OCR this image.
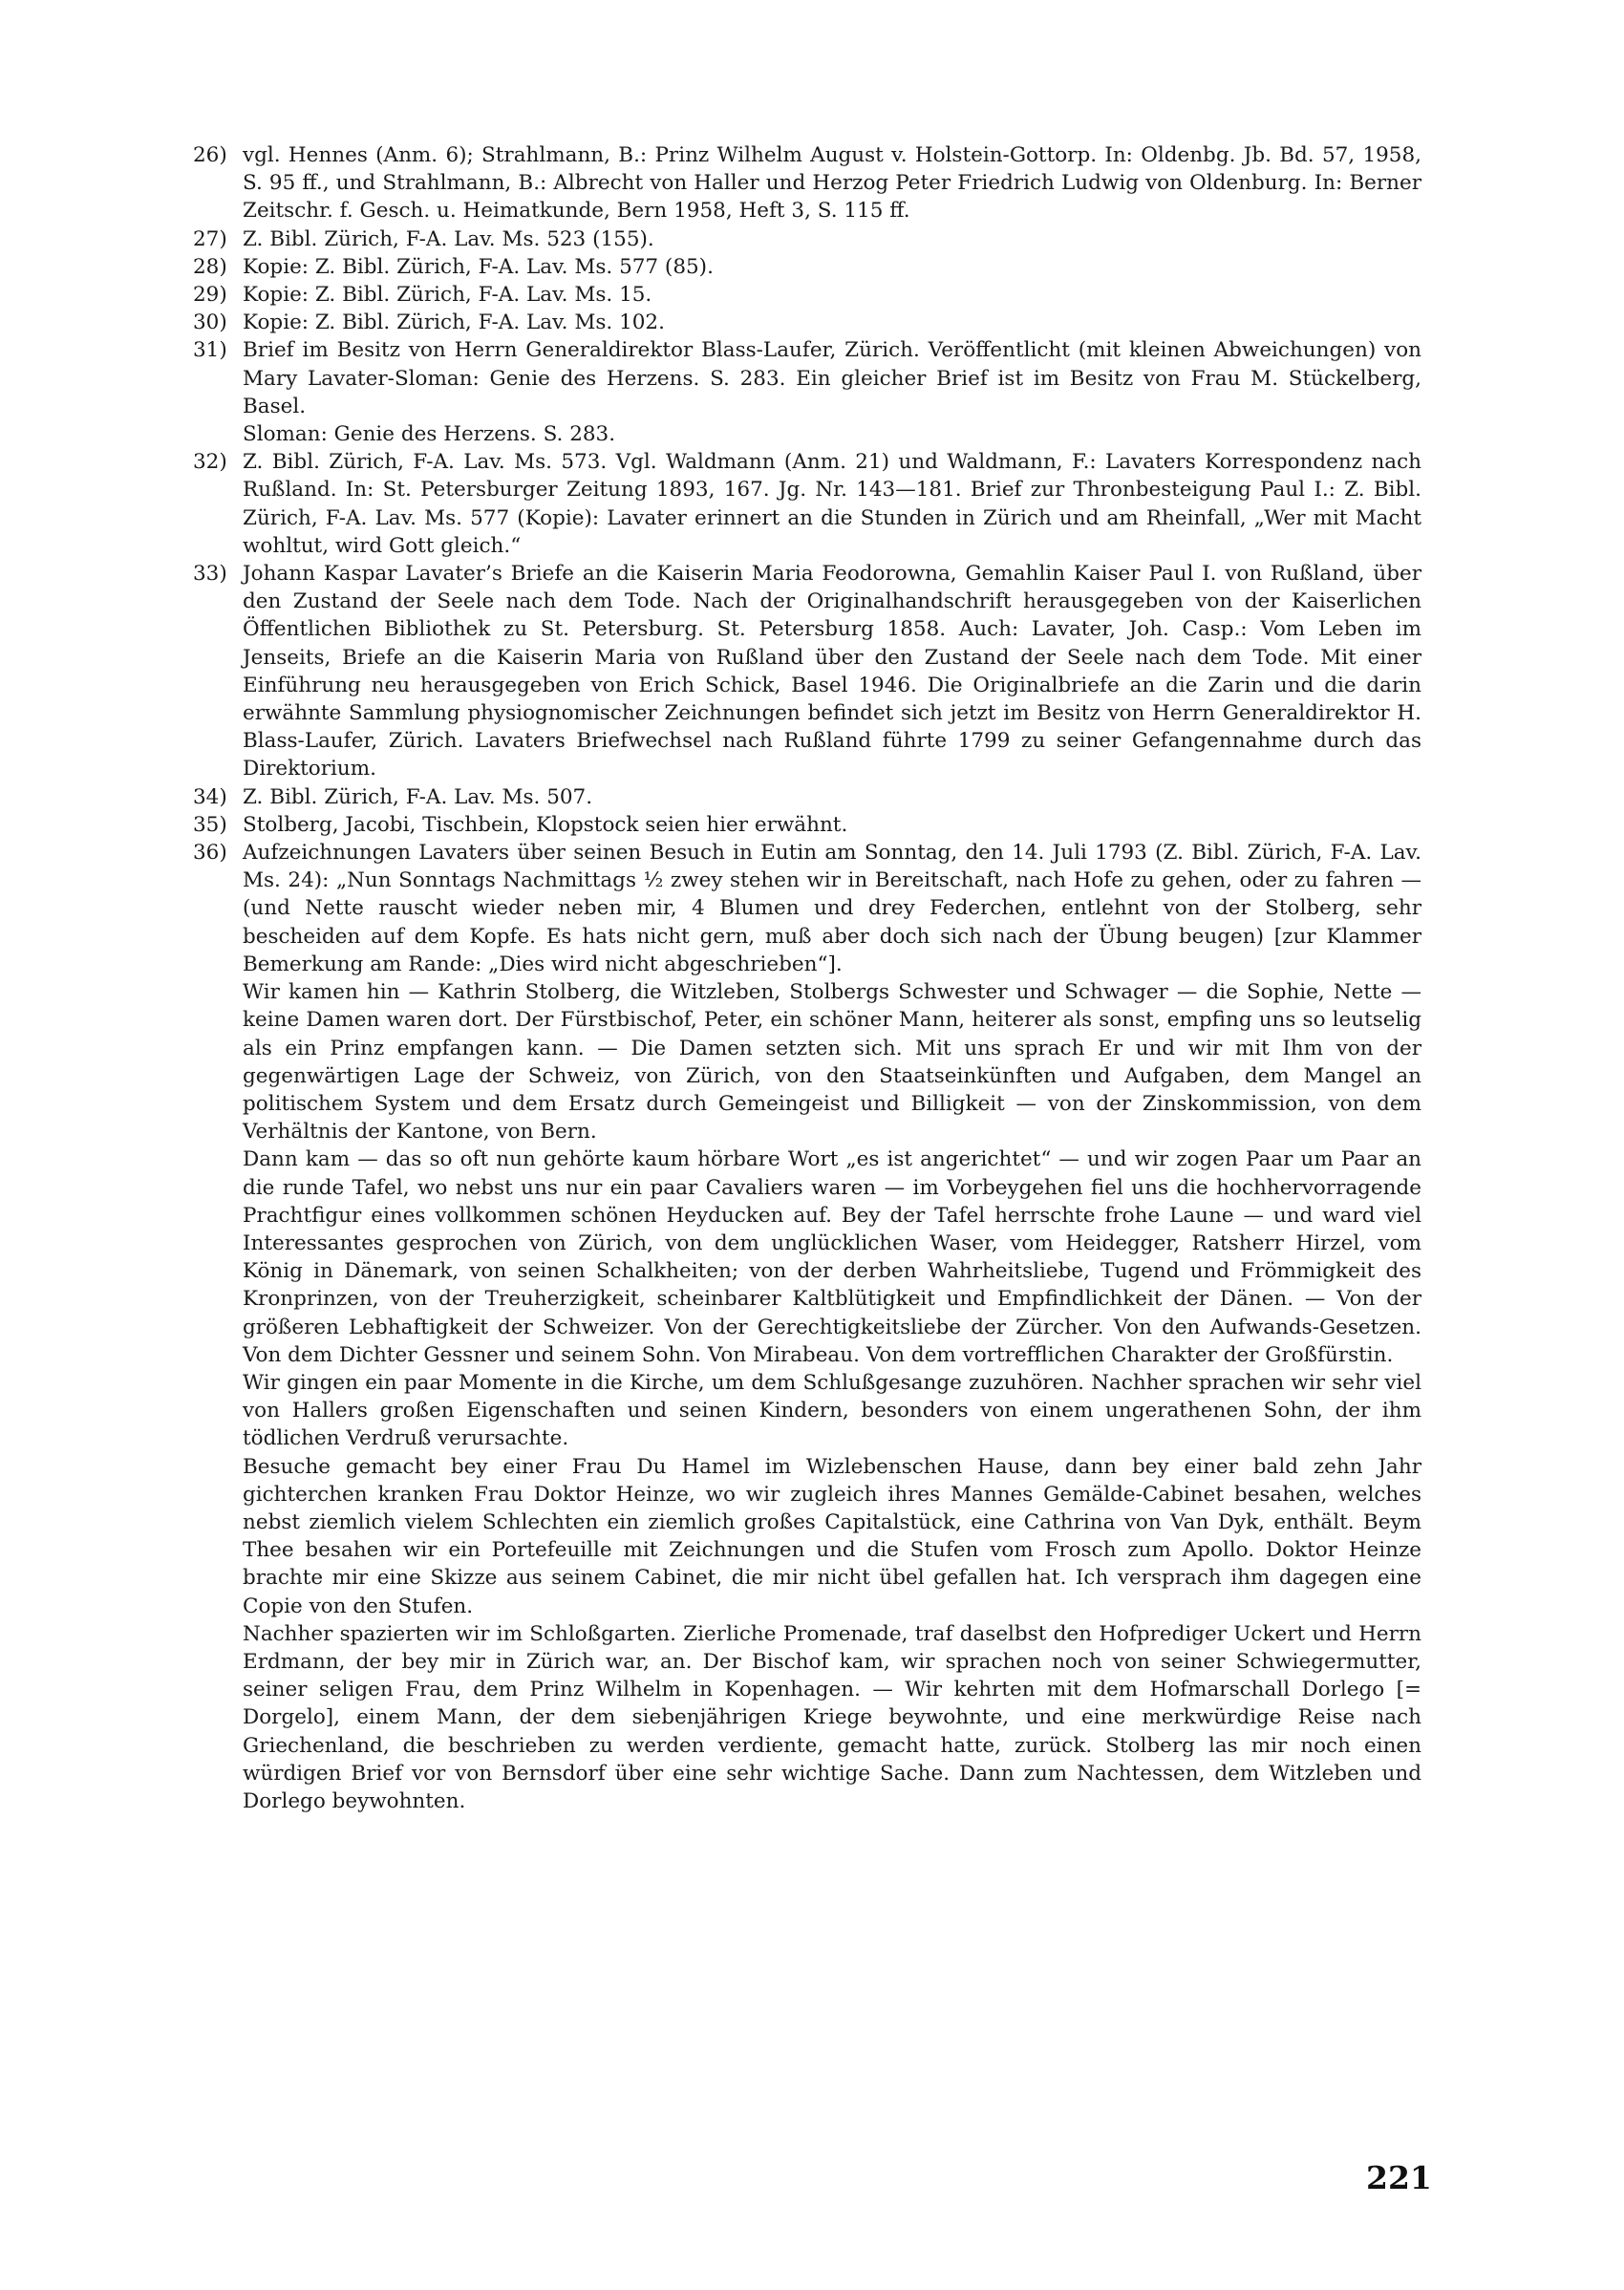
26) vgl. Hennes (Anm. 6); Strahlmann, B.: Prinz Wilhelm August v. Holstein-Gottorp. In: Oldenbg. Jb. Bd. 57, 1958, S. 95 ff., und Strahlmann, B.: Albrecht von Haller und Herzog Peter Friedrich Ludwig von Oldenburg. In: Berner Zeitschr. f. Gesch. u. Heimatkunde, Bern 1958, Heft 3, S. 115 ff.
27) Z. Bibl. Zürich, F-A. Lav. Ms. 523 (155).
28) Kopie: Z. Bibl. Zürich, F-A. Lav. Ms. 577 (85).
29) Kopie: Z. Bibl. Zürich, F-A. Lav. Ms. 15.
30) Kopie: Z. Bibl. Zürich, F-A. Lav. Ms. 102.
31) Brief im Besitz von Herrn Generaldirektor Blass-Laufer, Zürich. Veröffentlicht (mit kleinen Abweichungen) von Mary Lavater-Sloman: Genie des Herzens. S. 283. Ein gleicher Brief ist im Besitz von Frau M. Stückelberg, Basel.
Sloman: Genie des Herzens. S. 283.
32) Z. Bibl. Zürich, F-A. Lav. Ms. 573. Vgl. Waldmann (Anm. 21) und Waldmann, F.: Lavaters Korrespondenz nach Rußland. In: St. Petersburger Zeitung 1893, 167. Jg. Nr. 143—181. Brief zur Thronbesteigung Paul I.: Z. Bibl. Zürich, F-A. Lav. Ms. 577 (Kopie): Lavater erinnert an die Stunden in Zürich und am Rheinfall, „Wer mit Macht wohltut, wird Gott gleich.“
33) Johann Kaspar Lavater’s Briefe an die Kaiserin Maria Feodorowna, Gemahlin Kaiser Paul I. von Rußland, über den Zustand der Seele nach dem Tode. Nach der Originalhandschrift herausgegeben von der Kaiserlichen Öffentlichen Bibliothek zu St. Petersburg. St. Petersburg 1858. Auch: Lavater, Joh. Casp.: Vom Leben im Jenseits, Briefe an die Kaiserin Maria von Rußland über den Zustand der Seele nach dem Tode. Mit einer Einführung neu herausgegeben von Erich Schick, Basel 1946. Die Originalbriefe an die Zarin und die darin erwähnte Sammlung physiognomischer Zeichnungen befindet sich jetzt im Besitz von Herrn Generaldirektor H. Blass-Laufer, Zürich. Lavaters Briefwechsel nach Rußland führte 1799 zu seiner Gefangennahme durch das Direktorium.
34) Z. Bibl. Zürich, F-A. Lav. Ms. 507.
35) Stolberg, Jacobi, Tischbein, Klopstock seien hier erwähnt.
36) Aufzeichnungen Lavaters über seinen Besuch in Eutin am Sonntag, den 14. Juli 1793 (Z. Bibl. Zürich, F-A. Lav. Ms. 24): „Nun Sonntags Nachmittags ½ zwey stehen wir in Bereitschaft, nach Hofe zu gehen, oder zu fahren — (und Nette rauscht wieder neben mir, 4 Blumen und drey Federchen, entlehnt von der Stolberg, sehr bescheiden auf dem Kopfe. Es hats nicht gern, muß aber doch sich nach der Übung beugen) [zur Klammer Bemerkung am Rande: „Dies wird nicht abgeschrieben“].
Wir kamen hin — Kathrin Stolberg, die Witzleben, Stolbergs Schwester und Schwager — die Sophie, Nette — keine Damen waren dort. Der Fürstbischof, Peter, ein schöner Mann, heiterer als sonst, empfing uns so leutselig als ein Prinz empfangen kann. — Die Damen setzten sich. Mit uns sprach Er und wir mit Ihm von der gegenwärtigen Lage der Schweiz, von Zürich, von den Staatseinkünften und Aufgaben, dem Mangel an politischem System und dem Ersatz durch Gemeingeist und Billigkeit — von der Zinskommission, von dem Verhältnis der Kantone, von Bern.
Dann kam — das so oft nun gehörte kaum hörbare Wort „es ist angerichtet“ — und wir zogen Paar um Paar an die runde Tafel, wo nebst uns nur ein paar Cavaliers waren — im Vorbeygehen fiel uns die hochhervorragende Prachtfigur eines vollkommen schönen Heyducken auf. Bey der Tafel herrschte frohe Laune — und ward viel Interessantes gesprochen von Zürich, von dem unglücklichen Waser, vom Heidegger, Ratsherr Hirzel, vom König in Dänemark, von seinen Schalkheiten; von der derben Wahrheitsliebe, Tugend und Frömmigkeit des Kronprinzen, von der Treuherzigkeit, scheinbarer Kaltblütigkeit und Empfindlichkeit der Dänen. — Von der größeren Lebhaftigkeit der Schweizer. Von der Gerechtigkeitsliebe der Zürcher. Von den Aufwands-Gesetzen. Von dem Dichter Gessner und seinem Sohn. Von Mirabeau. Von dem vortrefflichen Charakter der Großfürstin.
Wir gingen ein paar Momente in die Kirche, um dem Schlußgesange zuzuhören. Nachher sprachen wir sehr viel von Hallers großen Eigenschaften und seinen Kindern, besonders von einem ungerathenen Sohn, der ihm tödlichen Verdruß verursachte.
Besuche gemacht bey einer Frau Du Hamel im Wizlebenschen Hause, dann bey einer bald zehn Jahr gichterchen kranken Frau Doktor Heinze, wo wir zugleich ihres Mannes Gemälde-Cabinet besahen, welches nebst ziemlich vielem Schlechten ein ziemlich großes Capitalstück, eine Cathrina von Van Dyk, enthält. Beym Thee besahen wir ein Portefeuille mit Zeichnungen und die Stufen vom Frosch zum Apollo. Doktor Heinze brachte mir eine Skizze aus seinem Cabinet, die mir nicht übel gefallen hat. Ich versprach ihm dagegen eine Copie von den Stufen.
Nachher spazierten wir im Schloßgarten. Zierliche Promenade, traf daselbst den Hofprediger Uckert und Herrn Erdmann, der bey mir in Zürich war, an. Der Bischof kam, wir sprachen noch von seiner Schwiegermutter, seiner seligen Frau, dem Prinz Wilhelm in Kopenhagen. — Wir kehrten mit dem Hofmarschall Dorlego [= Dorgelo], einem Mann, der dem siebenjährigen Kriege beywohnte, und eine merkwürdige Reise nach Griechenland, die beschrieben zu werden verdiente, gemacht hatte, zurück. Stolberg las mir noch einen würdigen Brief vor von Bernsdorf über eine sehr wichtige Sache. Dann zum Nachtessen, dem Witzleben und Dorlego beywohnten.
221
